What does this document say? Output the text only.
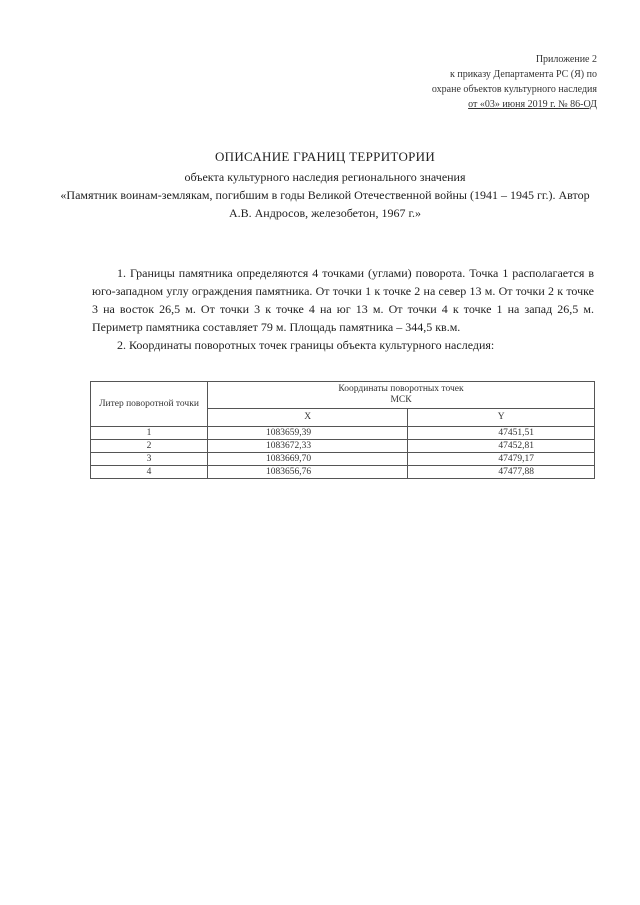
Приложение 2
к приказу Департамента РС (Я) по
охране объектов культурного наследия
от «03» июня 2019 г. № 86-ОД
ОПИСАНИЕ ГРАНИЦ ТЕРРИТОРИИ
объекта культурного наследия регионального значения
«Памятник воинам-землякам, погибшим в годы Великой Отечественной войны (1941 – 1945 гг.). Автор А.В. Андросов, железобетон, 1967 г.»

1. Границы памятника определяются 4 точками (углами) поворота. Точка 1 располагается в юго-западном углу ограждения памятника. От точки 1 к точке 2 на север 13 м. От точки 2 к точке 3 на восток 26,5 м. От точки 3 к точке 4 на юг 13 м. От точки 4 к точке 1 на запад 26,5 м. Периметр памятника составляет 79 м. Площадь памятника – 344,5 кв.м.

2. Координаты поворотных точек границы объекта культурного наследия:

Литер поворотной точки	Координаты поворотных точек
МСК	

	X	Y
1	1083659,39	47451,51
2	1083672,33	47452,81
3	1083669,70	47479,17
4	1083656,76	47477,88
